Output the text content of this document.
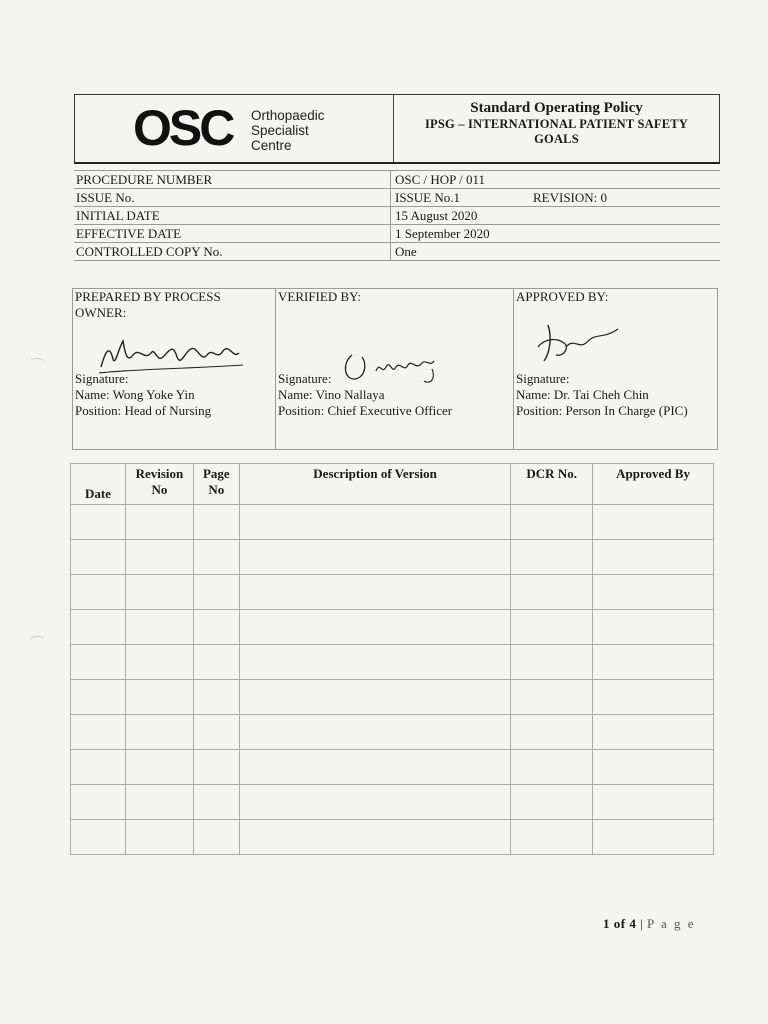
OSC Orthopaedic
Specialist
Centre
Standard Operating Policy
IPSG – INTERNATIONAL PATIENT SAFETY GOALS
PROCEDURE NUMBER	OSC / HOP / 011
ISSUE No.	ISSUE No.1	REVISION: 0
INITIAL DATE	15 August 2020
EFFECTIVE DATE	1 September 2020
CONTROLLED COPY No.	One
PREPARED BY PROCESS OWNER:
Signature:
Name: Wong Yoke Yin
Position: Head of Nursing
VERIFIED BY:
Signature:
Name: Vino Nallaya
Position: Chief Executive Officer
APPROVED BY:
Signature:
Name: Dr. Tai Cheh Chin
Position: Person In Charge (PIC)
Date	Revision No	Page No	Description of Version	DCR No.	Approved By

1 of 4 | P a g e
